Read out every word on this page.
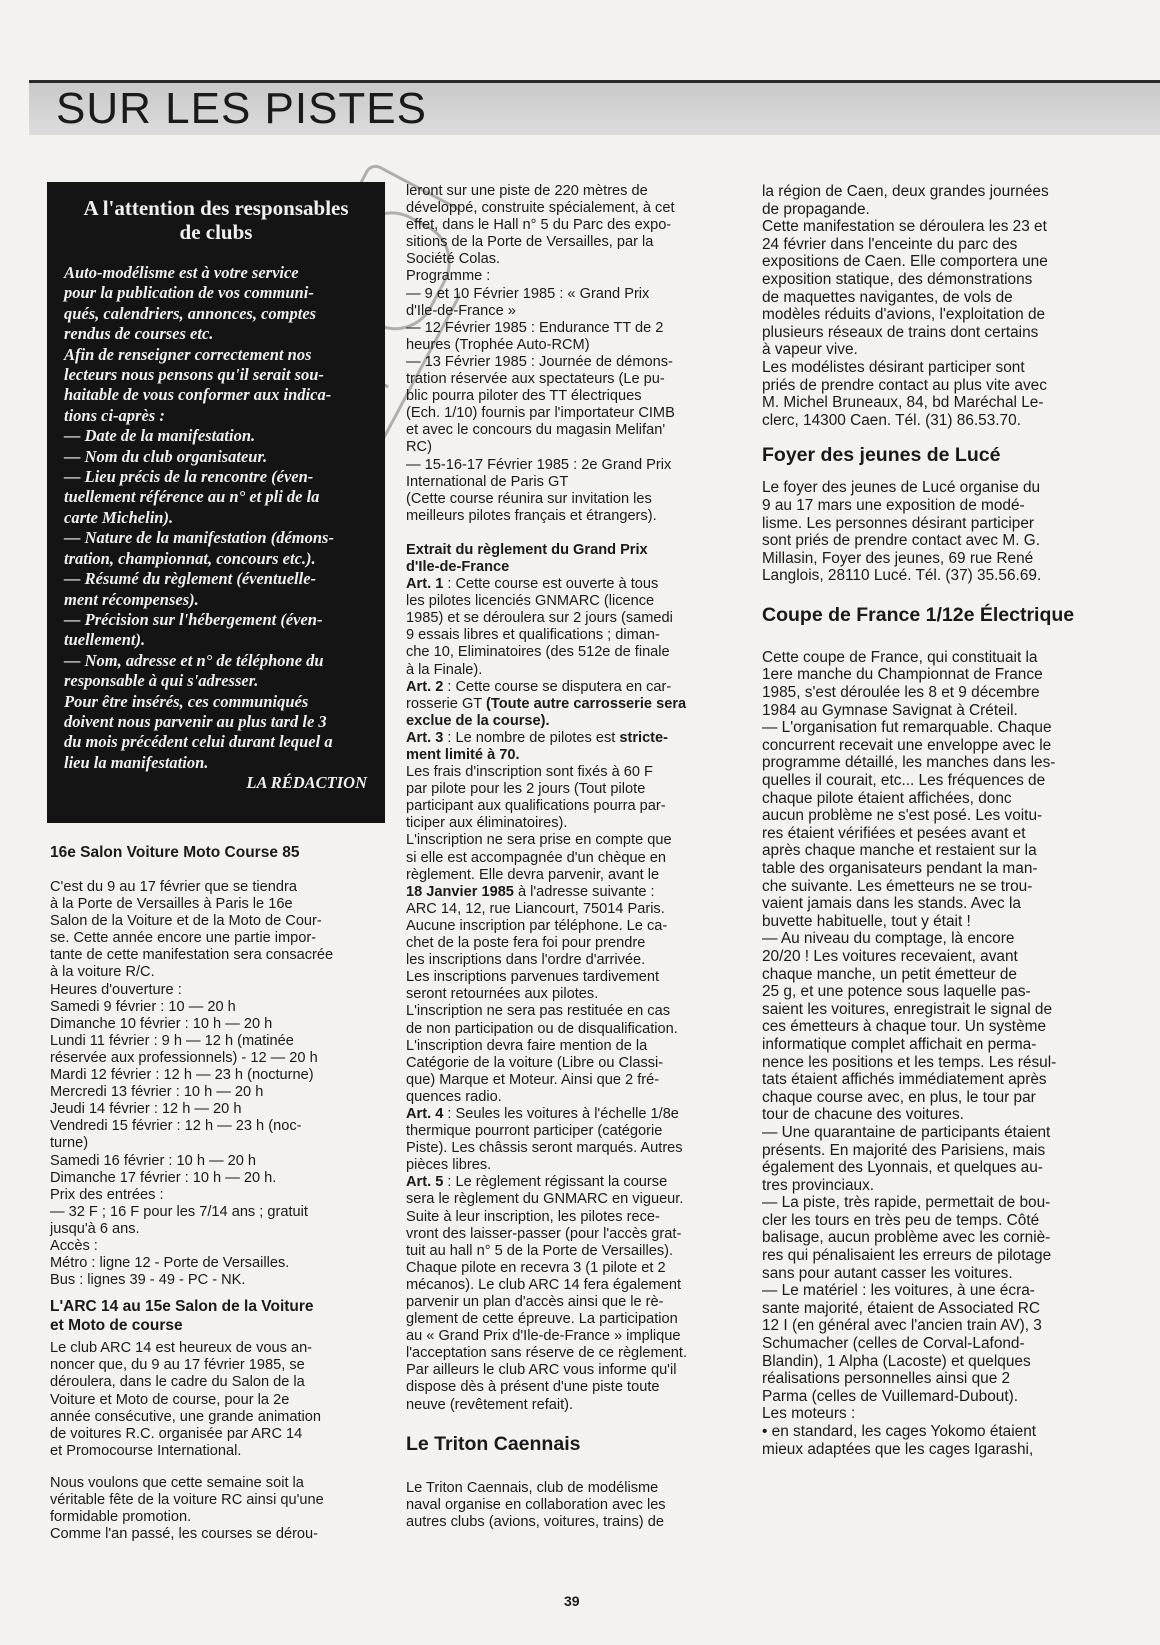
SUR LES PISTES
A l'attention des responsables
de clubs
Auto-modélisme est à votre service
pour la publication de vos communi-
qués, calendriers, annonces, comptes
rendus de courses etc.
Afin de renseigner correctement nos
lecteurs nous pensons qu'il serait sou-
haitable de vous conformer aux indica-
tions ci-après :
— Date de la manifestation.
— Nom du club organisateur.
— Lieu précis de la rencontre (éven-
tuellement référence au n° et pli de la
carte Michelin).
— Nature de la manifestation (démons-
tration, championnat, concours etc.).
— Résumé du règlement (éventuelle-
ment récompenses).
— Précision sur l'hébergement (éven-
tuellement).
— Nom, adresse et n° de téléphone du
responsable à qui s'adresser.
Pour être insérés, ces communiqués
doivent nous parvenir au plus tard le 3
du mois précédent celui durant lequel a
lieu la manifestation.
LA RÉDACTION
16e Salon Voiture Moto Course 85
C'est du 9 au 17 février que se tiendra
à la Porte de Versailles à Paris le 16e
Salon de la Voiture et de la Moto de Cour-
se. Cette année encore une partie impor-
tante de cette manifestation sera consacrée
à la voiture R/C.
Heures d'ouverture :
Samedi 9 février : 10 — 20 h
Dimanche 10 février : 10 h — 20 h
Lundi 11 février : 9 h — 12 h (matinée
réservée aux professionnels) - 12 — 20 h
Mardi 12 février : 12 h — 23 h (nocturne)
Mercredi 13 février : 10 h — 20 h
Jeudi 14 février : 12 h — 20 h
Vendredi 15 février : 12 h — 23 h (noc-
turne)
Samedi 16 février : 10 h — 20 h
Dimanche 17 février : 10 h — 20 h.
Prix des entrées :
— 32 F ; 16 F pour les 7/14 ans ; gratuit
jusqu'à 6 ans.
Accès :
Métro : ligne 12 - Porte de Versailles.
Bus : lignes 39 - 49 - PC - NK.
L'ARC 14 au 15e Salon de la Voiture
et Moto de course
Le club ARC 14 est heureux de vous an-
noncer que, du 9 au 17 février 1985, se
déroulera, dans le cadre du Salon de la
Voiture et Moto de course, pour la 2e
année consécutive, une grande animation
de voitures R.C. organisée par ARC 14
et Promocourse International.
Nous voulons que cette semaine soit la
véritable fête de la voiture RC ainsi qu'une
formidable promotion.
Comme l'an passé, les courses se dérou-
leront sur une piste de 220 mètres de
développé, construite spécialement, à cet
effet, dans le Hall n° 5 du Parc des expo-
sitions de la Porte de Versailles, par la
Société Colas.
Programme :
— 9 et 10 Février 1985 : « Grand Prix
d'Ile-de-France »
— 12 Février 1985 : Endurance TT de 2
heures (Trophée Auto-RCM)
— 13 Février 1985 : Journée de démons-
tration réservée aux spectateurs (Le pu-
blic pourra piloter des TT électriques
(Ech. 1/10) fournis par l'importateur CIMB
et avec le concours du magasin Melifan'
RC)
— 15-16-17 Février 1985 : 2e Grand Prix
International de Paris GT
(Cette course réunira sur invitation les
meilleurs pilotes français et étrangers).
Extrait du règlement du Grand Prix
d'Ile-de-France
Art. 1 : Cette course est ouverte à tous
les pilotes licenciés GNMARC (licence
1985) et se déroulera sur 2 jours (samedi
9 essais libres et qualifications ; diman-
che 10, Eliminatoires (des 512e de finale
à la Finale).
Art. 2 : Cette course se disputera en car-
rosserie GT (Toute autre carrosserie sera
exclue de la course).
Art. 3 : Le nombre de pilotes est stricte-
ment limité à 70.
Les frais d'inscription sont fixés à 60 F
par pilote pour les 2 jours (Tout pilote
participant aux qualifications pourra par-
ticiper aux éliminatoires).
L'inscription ne sera prise en compte que
si elle est accompagnée d'un chèque en
règlement. Elle devra parvenir, avant le
18 Janvier 1985 à l'adresse suivante :
ARC 14, 12, rue Liancourt, 75014 Paris.
Aucune inscription par téléphone. Le ca-
chet de la poste fera foi pour prendre
les inscriptions dans l'ordre d'arrivée.
Les inscriptions parvenues tardivement
seront retournées aux pilotes.
L'inscription ne sera pas restituée en cas
de non participation ou de disqualification.
L'inscription devra faire mention de la
Catégorie de la voiture (Libre ou Classi-
que) Marque et Moteur. Ainsi que 2 fré-
quences radio.
Art. 4 : Seules les voitures à l'échelle 1/8e
thermique pourront participer (catégorie
Piste). Les châssis seront marqués. Autres
pièces libres.
Art. 5 : Le règlement régissant la course
sera le règlement du GNMARC en vigueur.
Suite à leur inscription, les pilotes rece-
vront des laisser-passer (pour l'accès grat-
tuit au hall n° 5 de la Porte de Versailles).
Chaque pilote en recevra 3 (1 pilote et 2
mécanos). Le club ARC 14 fera également
parvenir un plan d'accès ainsi que le rè-
glement de cette épreuve. La participation
au « Grand Prix d'Ile-de-France » implique
l'acceptation sans réserve de ce règlement.
Par ailleurs le club ARC vous informe qu'il
dispose dès à présent d'une piste toute
neuve (revêtement refait).
Le Triton Caennais
Le Triton Caennais, club de modélisme
naval organise en collaboration avec les
autres clubs (avions, voitures, trains) de
la région de Caen, deux grandes journées
de propagande.
Cette manifestation se déroulera les 23 et
24 février dans l'enceinte du parc des
expositions de Caen. Elle comportera une
exposition statique, des démonstrations
de maquettes navigantes, de vols de
modèles réduits d'avions, l'exploitation de
plusieurs réseaux de trains dont certains
à vapeur vive.
Les modélistes désirant participer sont
priés de prendre contact au plus vite avec
M. Michel Bruneaux, 84, bd Maréchal Le-
clerc, 14300 Caen. Tél. (31) 86.53.70.
Foyer des jeunes de Lucé
Le foyer des jeunes de Lucé organise du
9 au 17 mars une exposition de modé-
lisme. Les personnes désirant participer
sont priés de prendre contact avec M. G.
Millasin, Foyer des jeunes, 69 rue René
Langlois, 28110 Lucé. Tél. (37) 35.56.69.
Coupe de France 1/12e Électrique
Cette coupe de France, qui constituait la
1ere manche du Championnat de France
1985, s'est déroulée les 8 et 9 décembre
1984 au Gymnase Savignat à Créteil.
— L'organisation fut remarquable. Chaque
concurrent recevait une enveloppe avec le
programme détaillé, les manches dans les-
quelles il courait, etc... Les fréquences de
chaque pilote étaient affichées, donc
aucun problème ne s'est posé. Les voitu-
res étaient vérifiées et pesées avant et
après chaque manche et restaient sur la
table des organisateurs pendant la man-
che suivante. Les émetteurs ne se trou-
vaient jamais dans les stands. Avec la
buvette habituelle, tout y était !
— Au niveau du comptage, là encore
20/20 ! Les voitures recevaient, avant
chaque manche, un petit émetteur de
25 g, et une potence sous laquelle pas-
saient les voitures, enregistrait le signal de
ces émetteurs à chaque tour. Un système
informatique complet affichait en perma-
nence les positions et les temps. Les résul-
tats étaient affichés immédiatement après
chaque course avec, en plus, le tour par
tour de chacune des voitures.
— Une quarantaine de participants étaient
présents. En majorité des Parisiens, mais
également des Lyonnais, et quelques au-
tres provinciaux.
— La piste, très rapide, permettait de bou-
cler les tours en très peu de temps. Côté
balisage, aucun problème avec les corniè-
res qui pénalisaient les erreurs de pilotage
sans pour autant casser les voitures.
— Le matériel : les voitures, à une écra-
sante majorité, étaient de Associated RC
12 I (en général avec l'ancien train AV), 3
Schumacher (celles de Corval-Lafond-
Blandin), 1 Alpha (Lacoste) et quelques
réalisations personnelles ainsi que 2
Parma (celles de Vuillemard-Dubout).
Les moteurs :
• en standard, les cages Yokomo étaient
mieux adaptées que les cages Igarashi,
39
